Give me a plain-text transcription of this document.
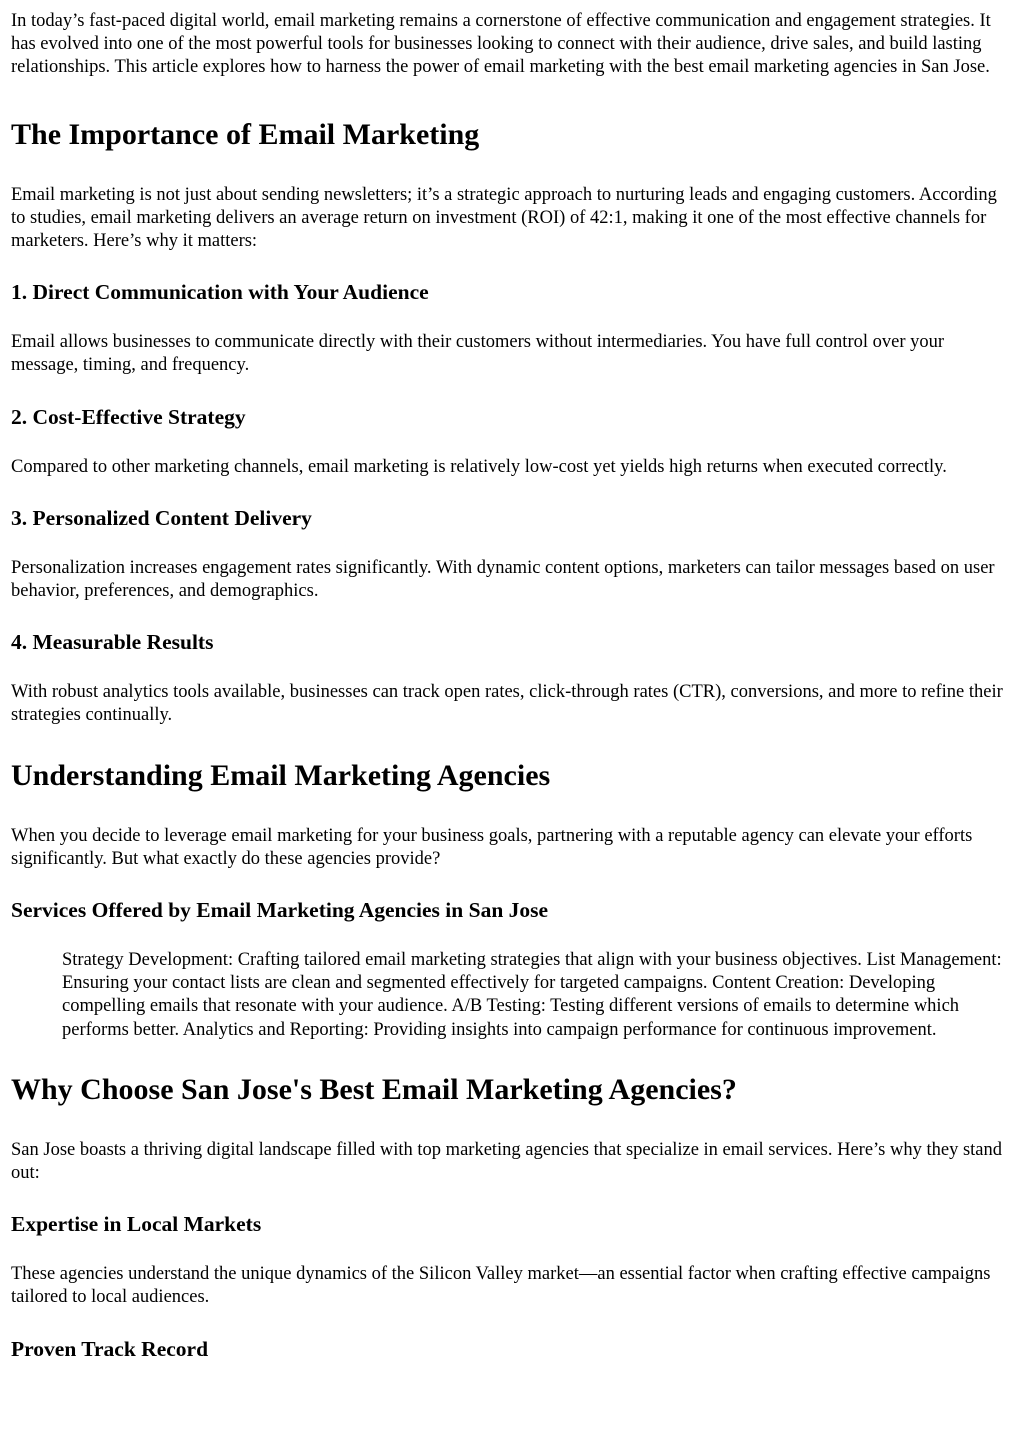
In today’s fast-paced digital world, email marketing remains a cornerstone of effective communication and engagement strategies. It has evolved into one of the most powerful tools for businesses looking to connect with their audience, drive sales, and build lasting relationships. This article explores how to harness the power of email marketing with the best email marketing agencies in San Jose.

The Importance of Email Marketing

Email marketing is not just about sending newsletters; it’s a strategic approach to nurturing leads and engaging customers. According to studies, email marketing delivers an average return on investment (ROI) of 42:1, making it one of the most effective channels for marketers. Here’s why it matters:

1. Direct Communication with Your Audience

Email allows businesses to communicate directly with their customers without intermediaries. You have full control over your message, timing, and frequency.

2. Cost-Effective Strategy

Compared to other marketing channels, email marketing is relatively low-cost yet yields high returns when executed correctly.

3. Personalized Content Delivery

Personalization increases engagement rates significantly. With dynamic content options, marketers can tailor messages based on user behavior, preferences, and demographics.

4. Measurable Results

With robust analytics tools available, businesses can track open rates, click-through rates (CTR), conversions, and more to refine their strategies continually.

Understanding Email Marketing Agencies

When you decide to leverage email marketing for your business goals, partnering with a reputable agency can elevate your efforts significantly. But what exactly do these agencies provide?

Services Offered by Email Marketing Agencies in San Jose
Strategy Development: Crafting tailored email marketing strategies that align with your business objectives. List Management: Ensuring your contact lists are clean and segmented effectively for targeted campaigns. Content Creation: Developing compelling emails that resonate with your audience. A/B Testing: Testing different versions of emails to determine which performs better. Analytics and Reporting: Providing insights into campaign performance for continuous improvement.
Why Choose San Jose's Best Email Marketing Agencies?

San Jose boasts a thriving digital landscape filled with top marketing agencies that specialize in email services. Here’s why they stand out:

Expertise in Local Markets

These agencies understand the unique dynamics of the Silicon Valley market—an essential factor when crafting effective campaigns tailored to local audiences.

Proven Track Record
